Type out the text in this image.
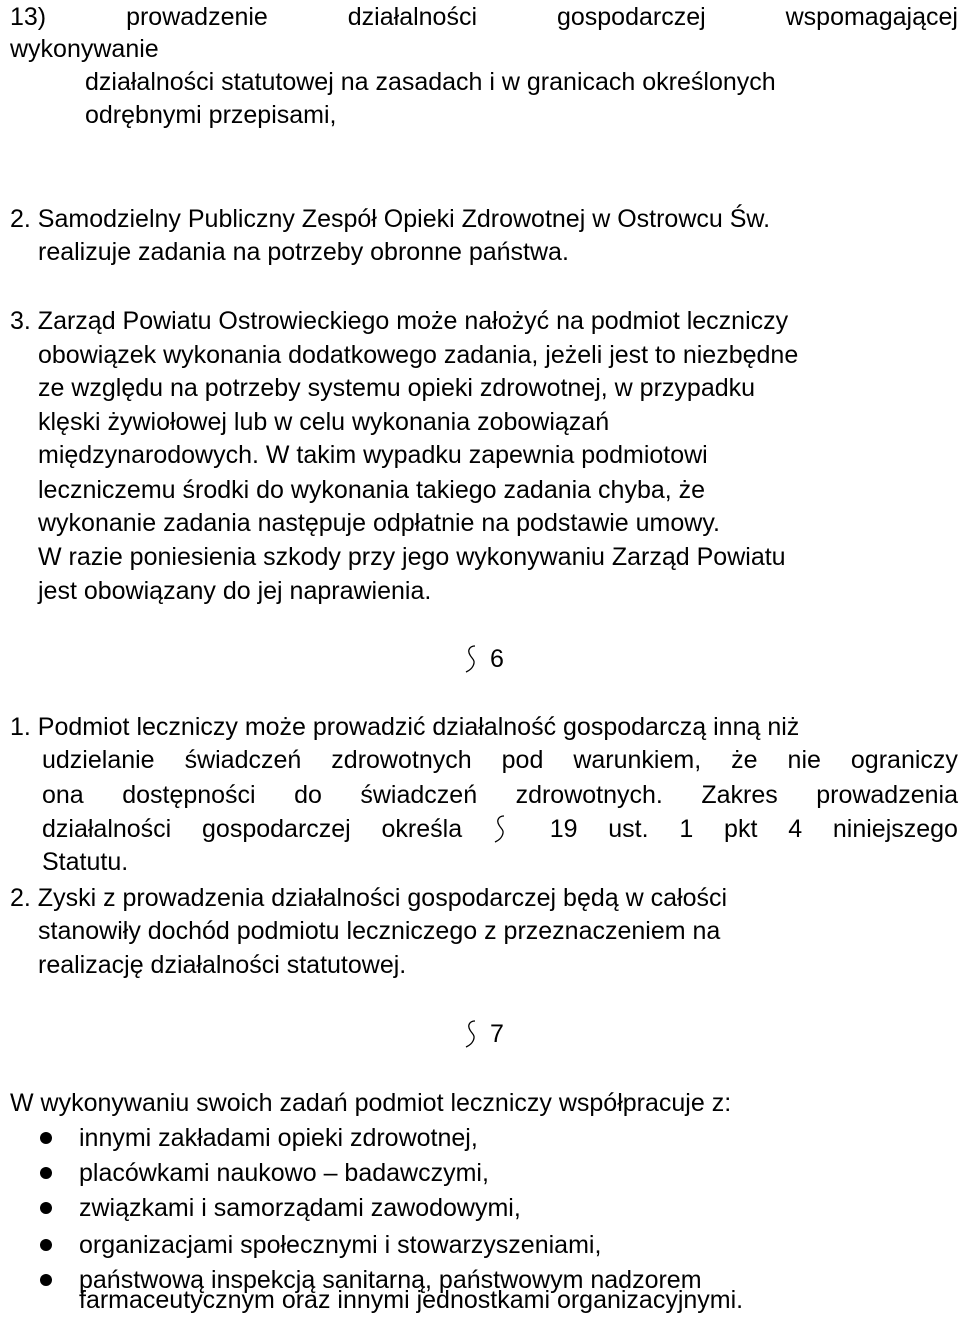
13)	prowadzenie	działalności	gospodarczej	wspomagającej

wykonywanie

działalności statutowej na zasadach i w granicach określonych

odrębnymi przepisami,

2. Samodzielny Publiczny Zespół Opieki Zdrowotnej w Ostrowcu Św.

realizuje zadania na potrzeby obronne państwa.

3. Zarząd Powiatu Ostrowieckiego może nałożyć na podmiot leczniczy

obowiązek wykonania dodatkowego zadania, jeżeli jest to niezbędne

ze względu na potrzeby systemu opieki zdrowotnej, w przypadku

klęski żywiołowej lub w celu wykonania zobowiązań

międzynarodowych. W takim wypadku zapewnia podmiotowi

leczniczemu środki do wykonania takiego zadania chyba, że

wykonanie zadania następuje odpłatnie na podstawie umowy.

W razie poniesienia szkody przy jego wykonywaniu Zarząd Powiatu

jest obowiązany do jej naprawienia.

6

1. Podmiot leczniczy może prowadzić działalność gospodarczą inną niż

udzielanie świadczeń zdrowotnych pod warunkiem, że nie ograniczy
ona dostępności do świadczeń zdrowotnych. Zakres prowadzenia
działalności gospodarczej określa	19 ust. 1 pkt 4 niniejszego

Statutu.

2. Zyski z prowadzenia działalności gospodarczej będą w całości

stanowiły dochód podmiotu leczniczego z przeznaczeniem na

realizację działalności statutowej.

7

W wykonywaniu swoich zadań podmiot leczniczy współpracuje z:

innymi zakładami opieki zdrowotnej,
placówkami naukowo – badawczymi,
związkami i samorządami zawodowymi,
organizacjami społecznymi i stowarzyszeniami,
państwową inspekcją sanitarną, państwowym nadzorem

farmaceutycznym oraz innymi jednostkami organizacyjnymi.
